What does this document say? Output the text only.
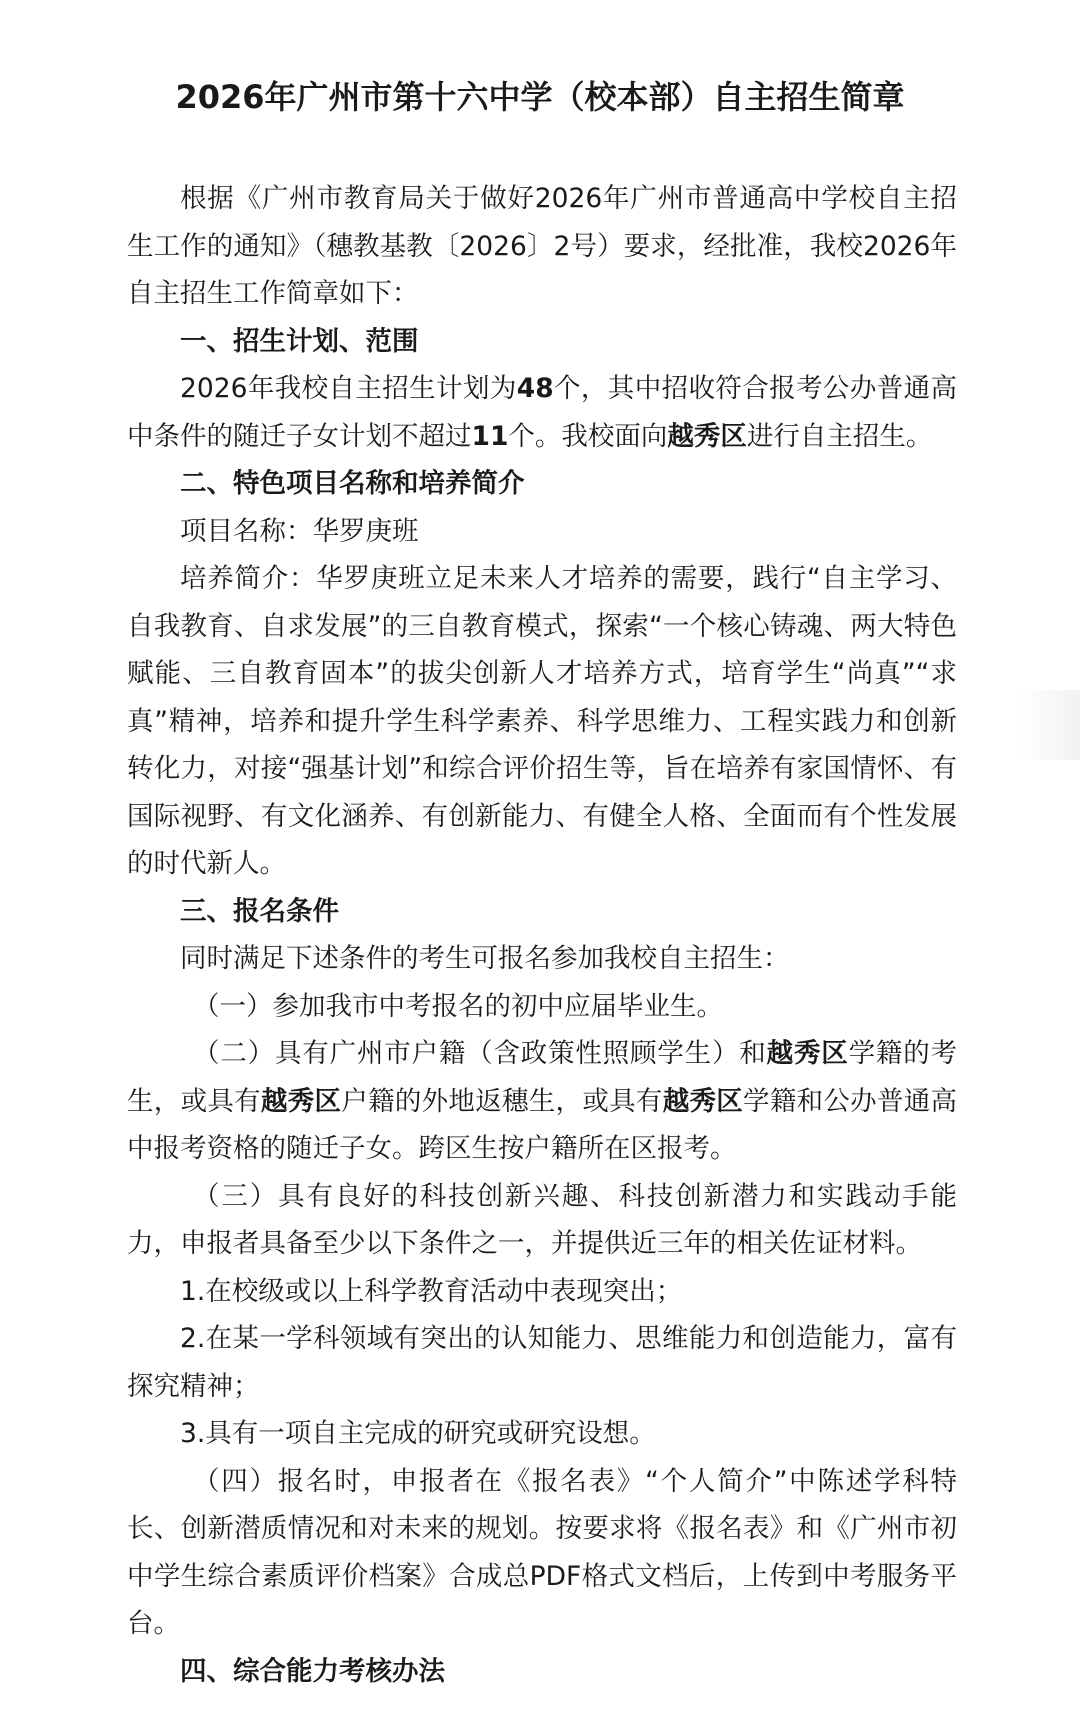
2026年广州市第十六中学（校本部）自主招生简章

根据《广州市教育局关于做好2026年广州市普通高中学校自主招生工作的通知》（穗教基教〔2026〕2号）要求，经批准，我校2026年自主招生工作简章如下：

一、招生计划、范围

2026年我校自主招生计划为48个，其中招收符合报考公办普通高中条件的随迁子女计划不超过11个。我校面向越秀区进行自主招生。

二、特色项目名称和培养简介

项目名称：华罗庚班

培养简介：华罗庚班立足未来人才培养的需要，践行“自主学习、自我教育、自求发展”的三自教育模式，探索“一个核心铸魂、两大特色赋能、三自教育固本”的拔尖创新人才培养方式，培育学生“尚真”“求真”精神，培养和提升学生科学素养、科学思维力、工程实践力和创新转化力，对接“强基计划”和综合评价招生等，旨在培养有家国情怀、有国际视野、有文化涵养、有创新能力、有健全人格、全面而有个性发展的时代新人。

三、报名条件

同时满足下述条件的考生可报名参加我校自主招生：

（一）参加我市中考报名的初中应届毕业生。

（二）具有广州市户籍（含政策性照顾学生）和越秀区学籍的考生，或具有越秀区户籍的外地返穗生，或具有越秀区学籍和公办普通高中报考资格的随迁子女。跨区生按户籍所在区报考。

（三）具有良好的科技创新兴趣、科技创新潜力和实践动手能力，申报者具备至少以下条件之一，并提供近三年的相关佐证材料。

1.在校级或以上科学教育活动中表现突出；

2.在某一学科领域有突出的认知能力、思维能力和创造能力，富有探究精神；

3.具有一项自主完成的研究或研究设想。

（四）报名时，申报者在《报名表》“个人简介”中陈述学科特长、创新潜质情况和对未来的规划。按要求将《报名表》和《广州市初中学生综合素质评价档案》合成总PDF格式文档后，上传到中考服务平台。

四、综合能力考核办法
